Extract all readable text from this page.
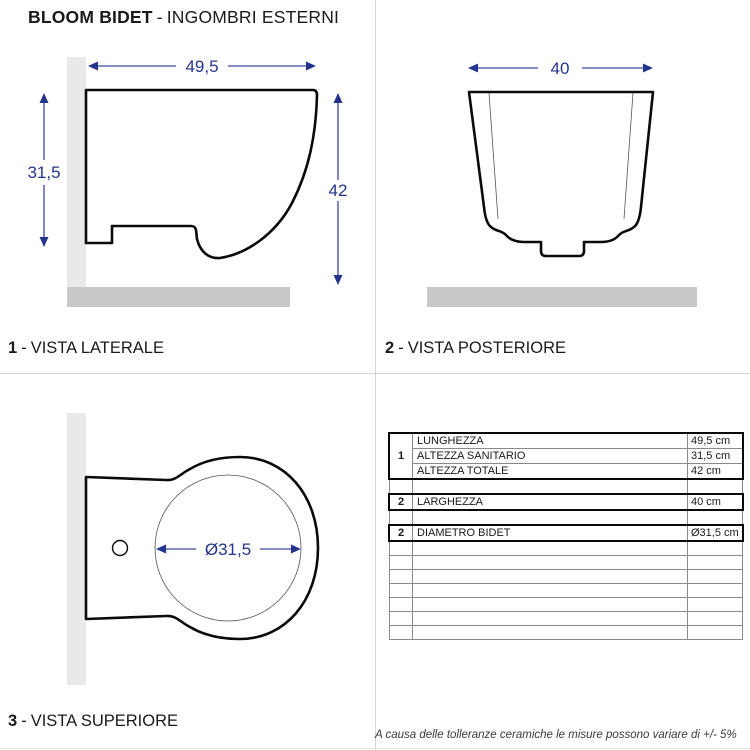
BLOOM BIDET - INGOMBRI ESTERNI
49,5
31,5
42
40
Ø31,5
1 - VISTA LATERALE	2 - VISTA POSTERIORE
3 - VISTA SUPERIORE
1	LUNGHEZZA	49,5 cm
	ALTEZZA SANITARIO	31,5 cm
	ALTEZZA TOTALE	42 cm

2	LARGHEZZA	40 cm

2	DIAMETRO BIDET	Ø31,5 cm

A causa delle tolleranze ceramiche le misure possono variare di +/- 5%
